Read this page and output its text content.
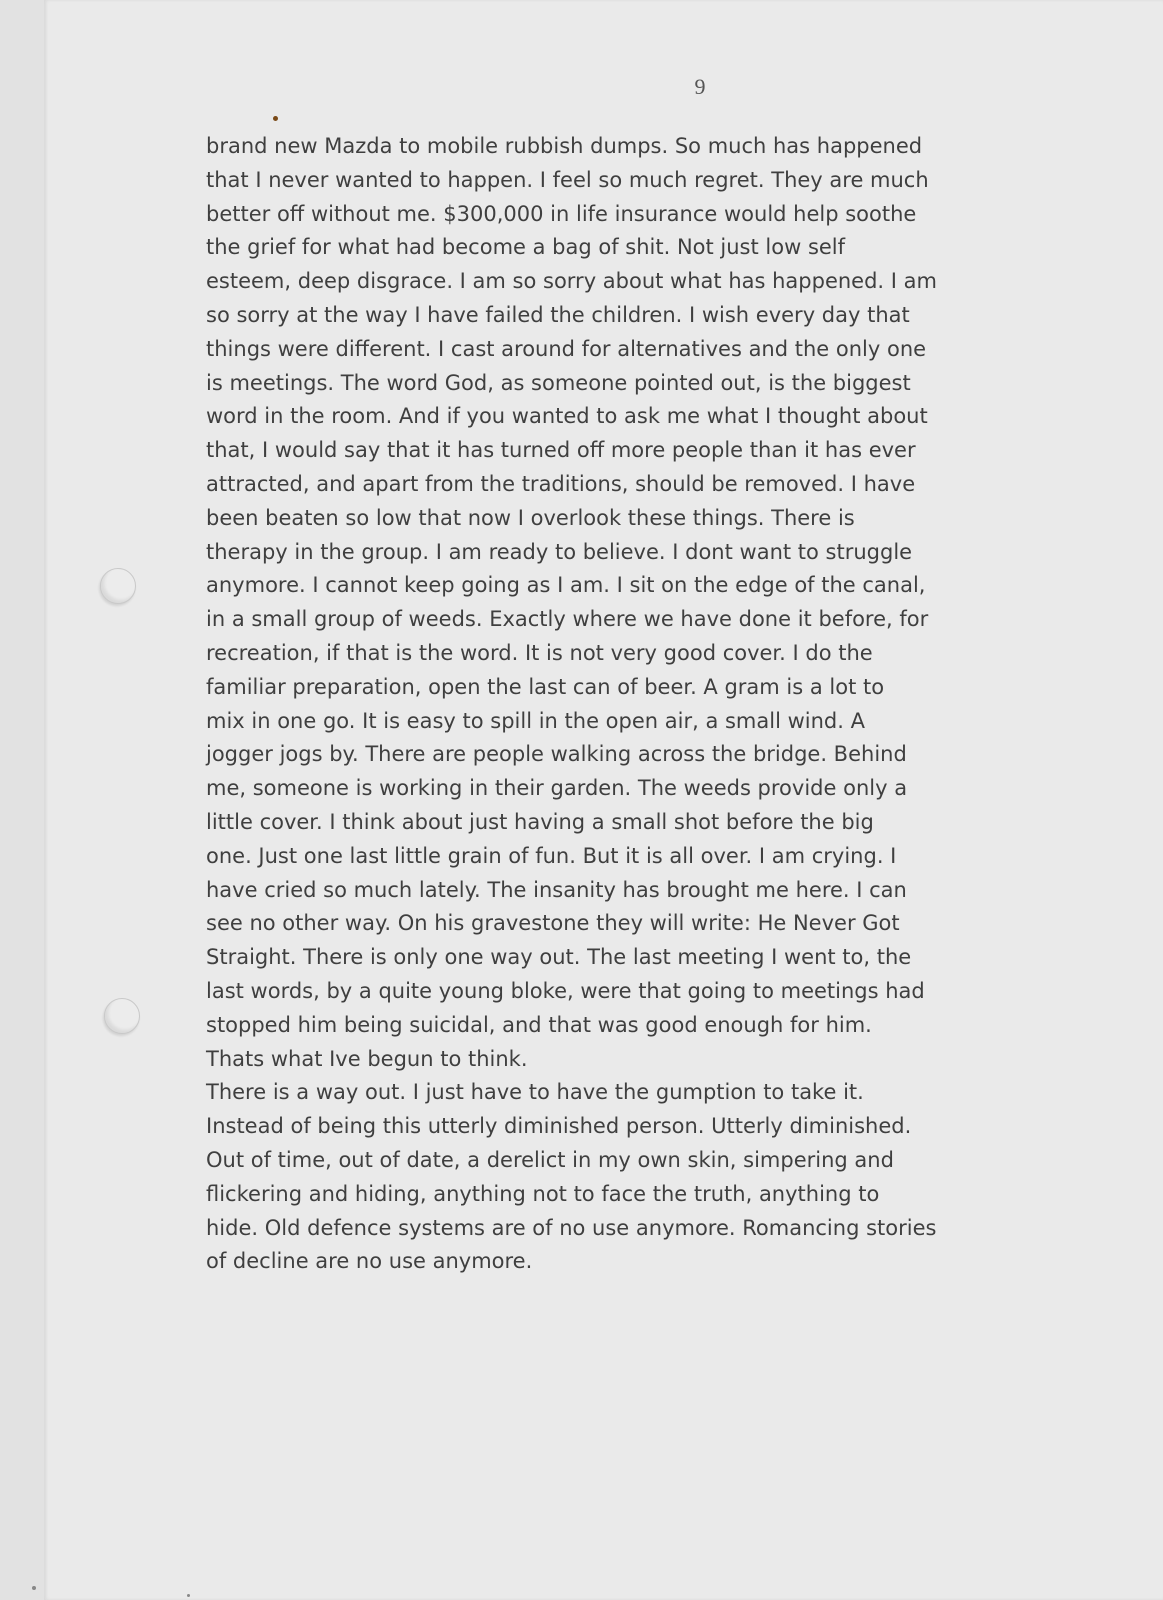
9
brand new Mazda to mobile rubbish dumps. So much has happened
that I never wanted to happen. I feel so much regret. They are much
better off without me. $300,000 in life insurance would help soothe
the grief for what had become a bag of shit. Not just low self
esteem, deep disgrace. I am so sorry about what has happened. I am
so sorry at the way I have failed the children. I wish every day that
things were different. I cast around for alternatives and the only one
is meetings. The word God, as someone pointed out, is the biggest
word in the room. And if you wanted to ask me what I thought about
that, I would say that it has turned off more people than it has ever
attracted, and apart from the traditions, should be removed. I have
been beaten so low that now I overlook these things. There is
therapy in the group. I am ready to believe. I dont want to struggle
anymore. I cannot keep going as I am. I sit on the edge of the canal,
in a small group of weeds. Exactly where we have done it before, for
recreation, if that is the word. It is not very good cover. I do the
familiar preparation, open the last can of beer. A gram is a lot to
mix in one go. It is easy to spill in the open air, a small wind. A
jogger jogs by. There are people walking across the bridge. Behind
me, someone is working in their garden. The weeds provide only a
little cover. I think about just having a small shot before the big
one. Just one last little grain of fun. But it is all over. I am crying. I
have cried so much lately. The insanity has brought me here. I can
see no other way. On his gravestone they will write: He Never Got
Straight. There is only one way out. The last meeting I went to, the
last words, by a quite young bloke, were that going to meetings had
stopped him being suicidal, and that was good enough for him.
Thats what Ive begun to think.
There is a way out. I just have to have the gumption to take it.
Instead of being this utterly diminished person. Utterly diminished.
Out of time, out of date, a derelict in my own skin, simpering and
flickering and hiding, anything not to face the truth, anything to
hide. Old defence systems are of no use anymore. Romancing stories
of decline are no use anymore.
